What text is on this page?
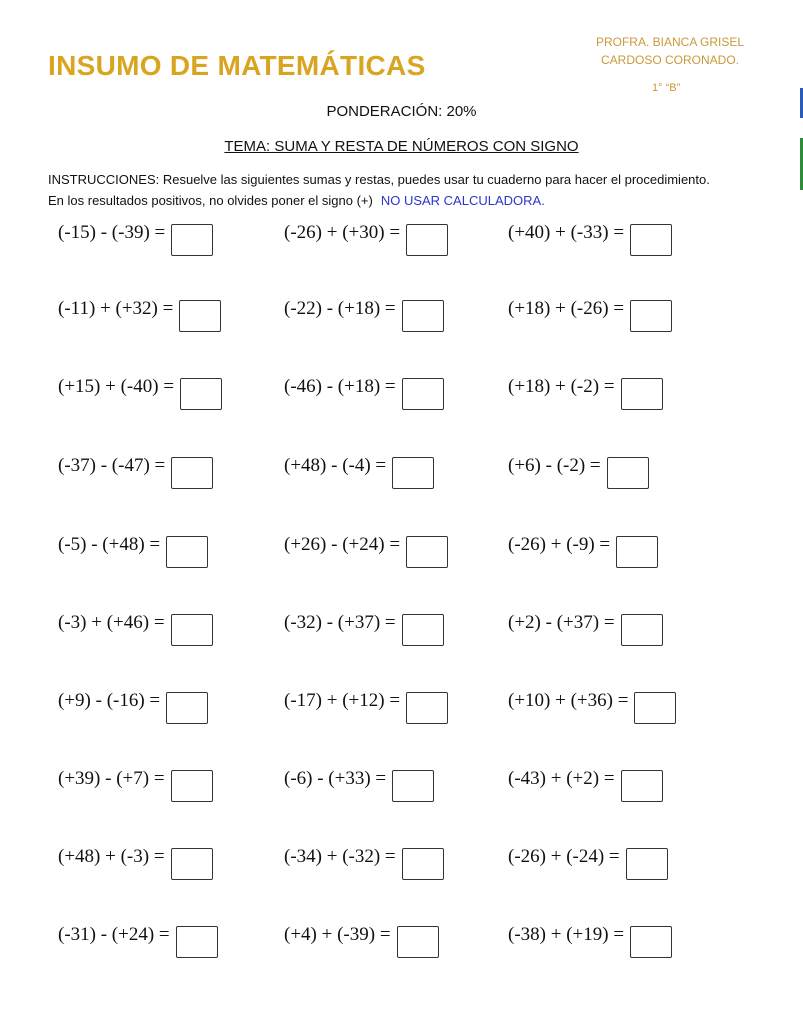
INSUMO DE MATEMÁTICAS
PROFRA. BIANCA GRISEL
CARDOSO CORONADO.
1° “B”
PONDERACIÓN: 20%
TEMA: SUMA Y RESTA DE NÚMEROS CON SIGNO
INSTRUCCIONES: Resuelve las siguientes sumas y restas, puedes usar tu cuaderno para hacer el procedimiento.
En los resultados positivos, no olvides poner el signo (+) NO USAR CALCULADORA.
(-15) - (-39) =	(-26) + (+30) =	(+40) + (-33) =
(-11) + (+32) =	(-22) - (+18) =	(+18) + (-26) =
(+15) + (-40) =	(-46) - (+18) =	(+18) + (-2) =
(-37) - (-47) =	(+48) - (-4) =	(+6) - (-2) =
(-5) - (+48) =	(+26) - (+24) =	(-26) + (-9) =
(-3) + (+46) =	(-32) - (+37) =	(+2) - (+37) =
(+9) - (-16) =	(-17) + (+12) =	(+10) + (+36) =
(+39) - (+7) =	(-6) - (+33) =	(-43) + (+2) =
(+48) + (-3) =	(-34) + (-32) =	(-26) + (-24) =
(-31) - (+24) =	(+4) + (-39) =	(-38) + (+19) =
